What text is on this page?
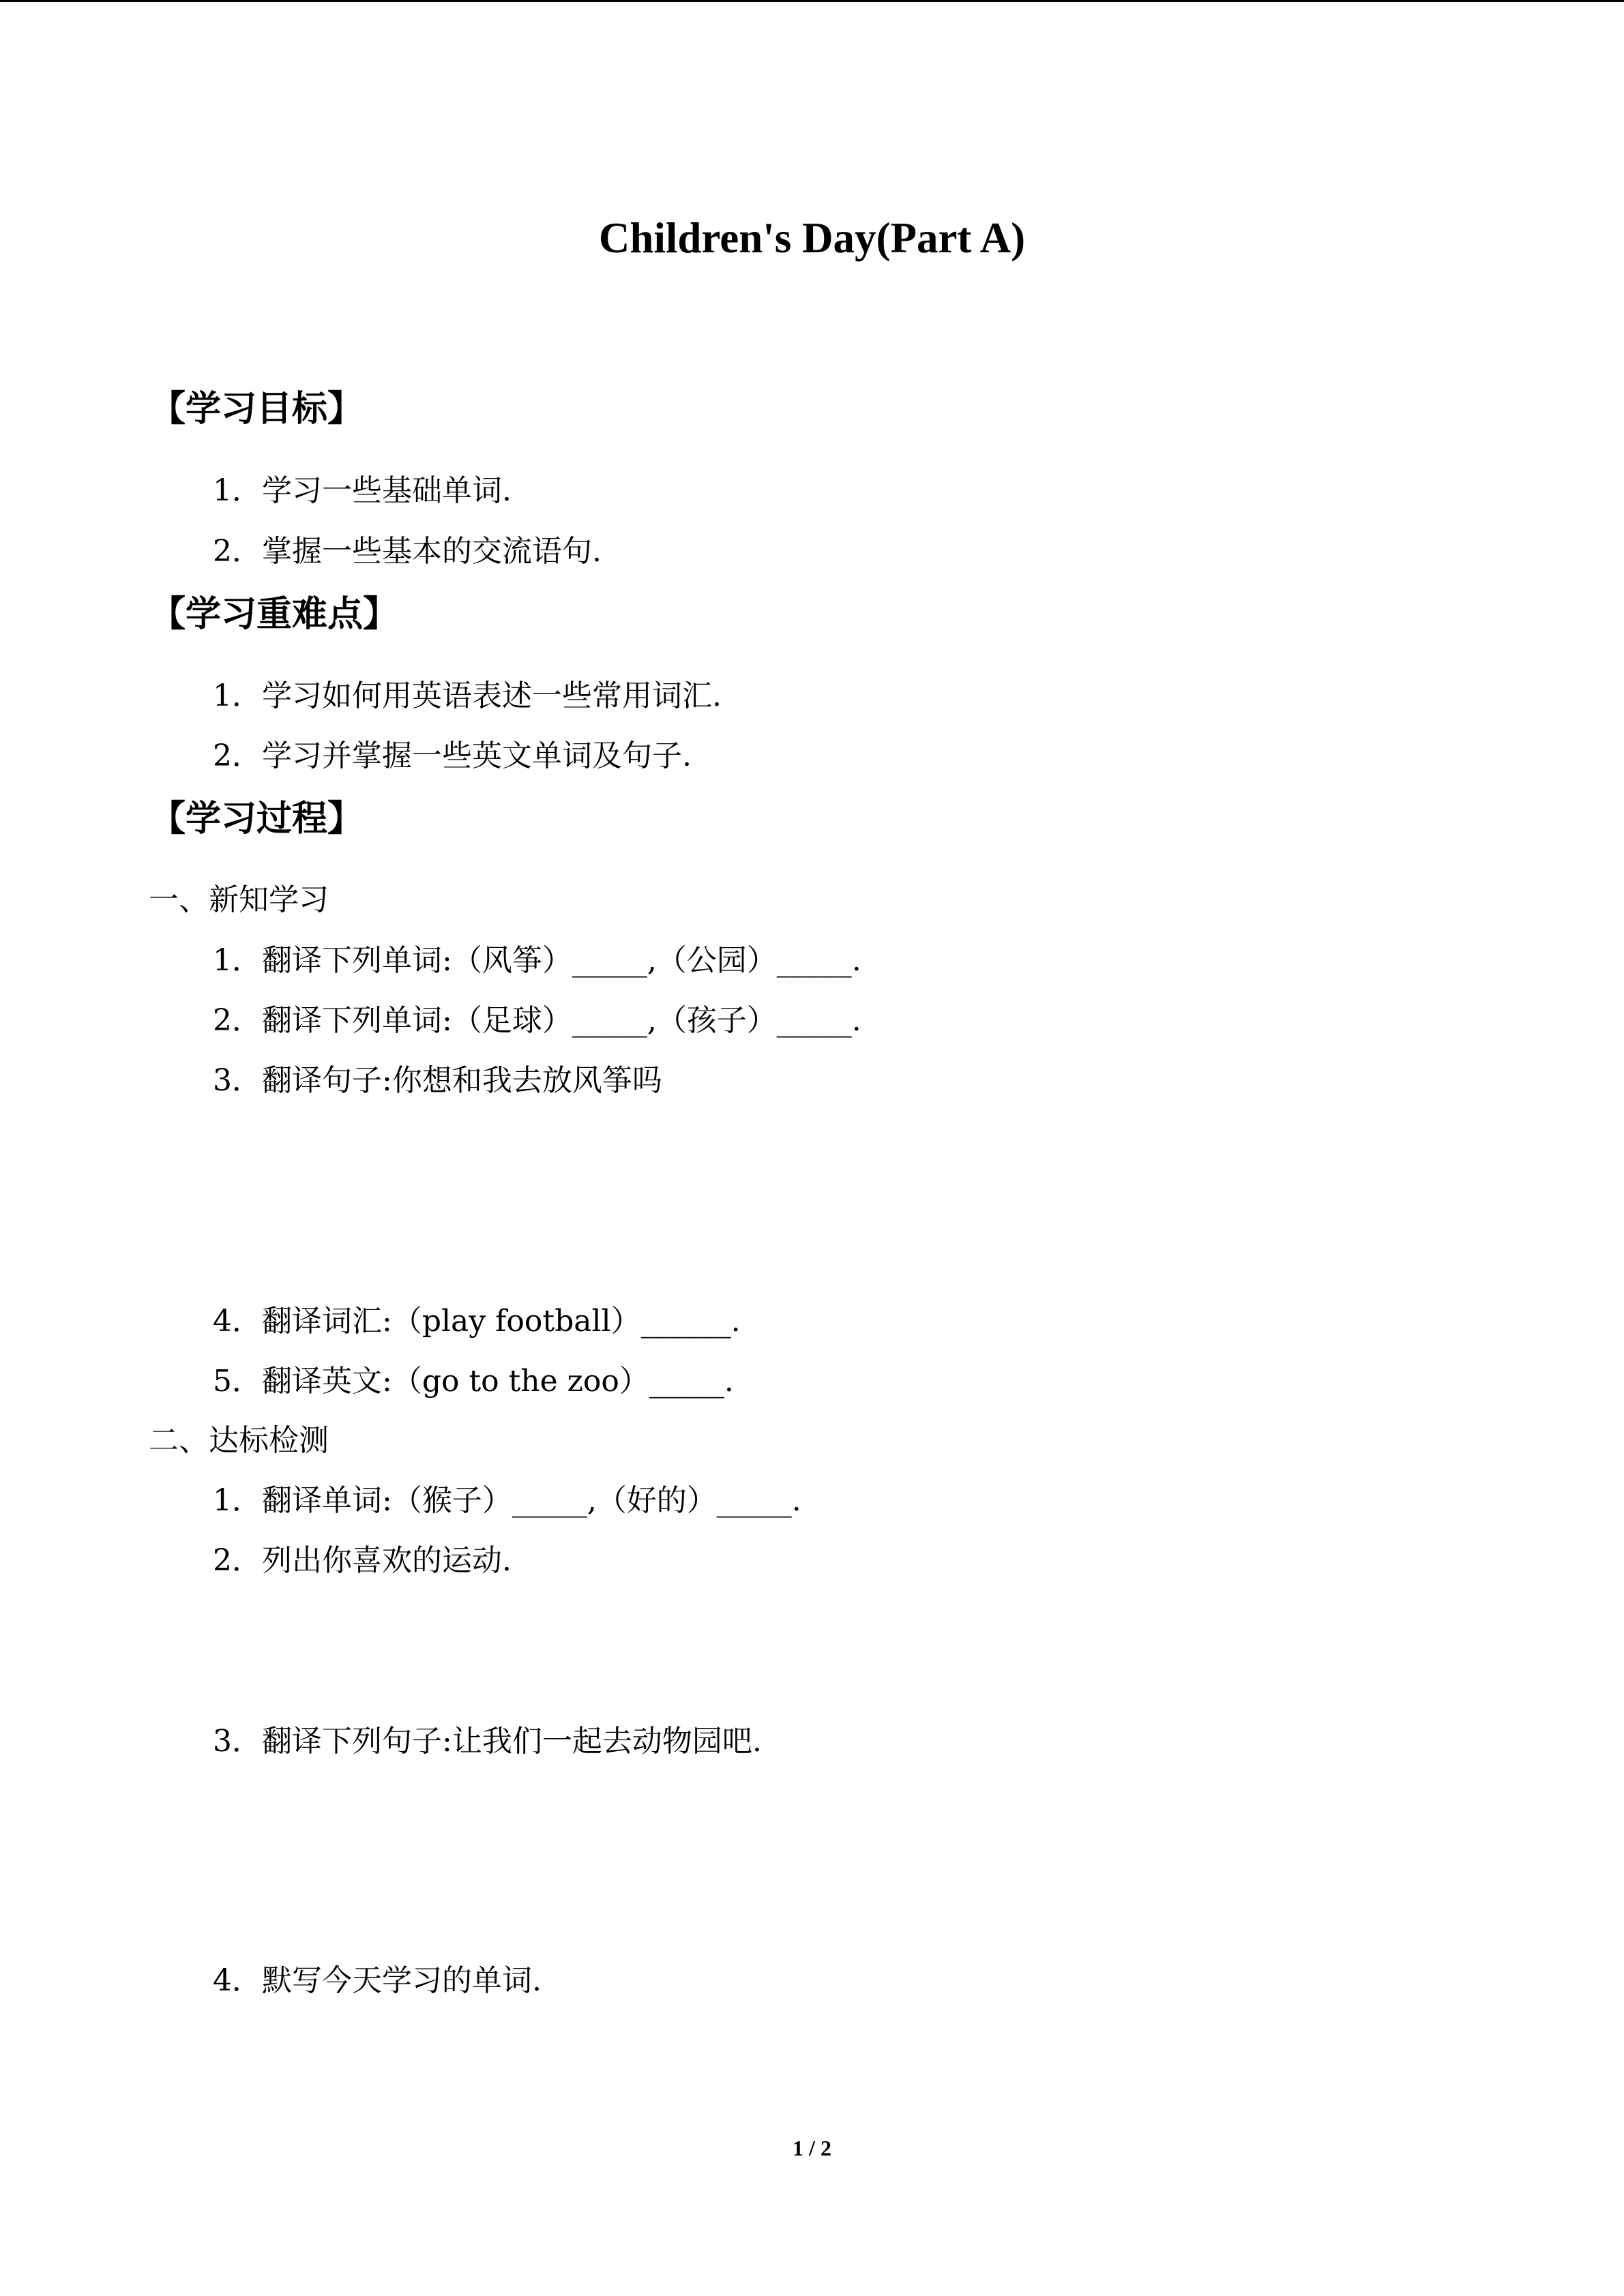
Children's Day(Part A)
【学习目标】
1．学习一些基础单词.
2．掌握一些基本的交流语句.
【学习重难点】
1．学习如何用英语表述一些常用词汇.
2．学习并掌握一些英文单词及句子.
【学习过程】
一、新知学习
1．翻译下列单词:（风筝）_____,（公园）_____.
2．翻译下列单词:（足球）_____,（孩子）_____.
3．翻译句子:你想和我去放风筝吗
4．翻译词汇:（play football）______.
5．翻译英文:（go to the zoo）_____.
二、达标检测
1．翻译单词:（猴子）_____,（好的）_____.
2．列出你喜欢的运动.
3．翻译下列句子:让我们一起去动物园吧.
4．默写今天学习的单词.
1 / 2
